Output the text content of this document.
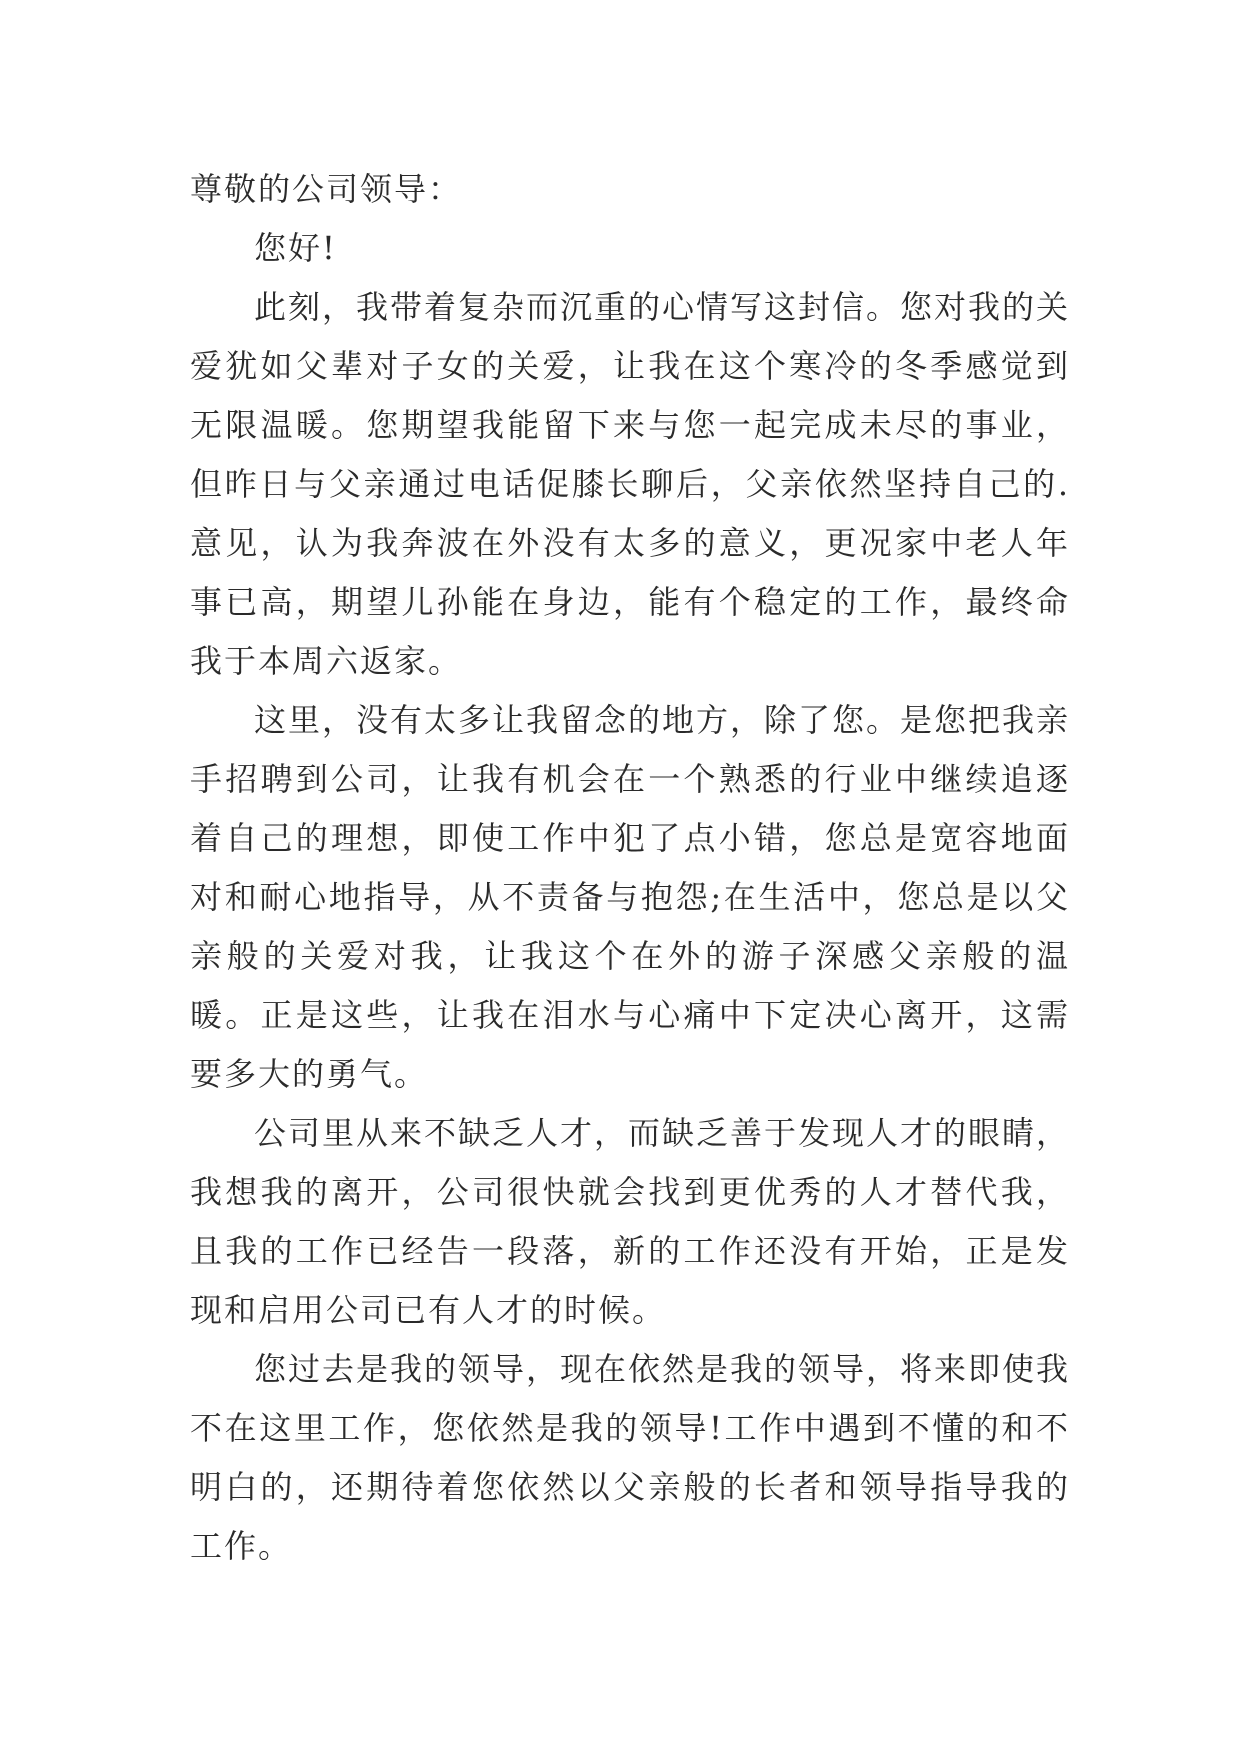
尊敬的公司领导：

您好!

此刻，我带着复杂而沉重的心情写这封信。您对我的关爱犹如父辈对子女的关爱，让我在这个寒冷的冬季感觉到无限温暖。您期望我能留下来与您一起完成未尽的事业，但昨日与父亲通过电话促膝长聊后，父亲依然坚持自己的.意见，认为我奔波在外没有太多的意义，更况家中老人年事已高，期望儿孙能在身边，能有个稳定的工作，最终命我于本周六返家。

这里，没有太多让我留念的地方，除了您。是您把我亲手招聘到公司，让我有机会在一个熟悉的行业中继续追逐着自己的理想，即使工作中犯了点小错，您总是宽容地面对和耐心地指导，从不责备与抱怨;在生活中，您总是以父亲般的关爱对我，让我这个在外的游子深感父亲般的温暖。正是这些，让我在泪水与心痛中下定决心离开，这需要多大的勇气。

公司里从来不缺乏人才，而缺乏善于发现人才的眼睛，我想我的离开，公司很快就会找到更优秀的人才替代我，且我的工作已经告一段落，新的工作还没有开始，正是发现和启用公司已有人才的时候。

您过去是我的领导，现在依然是我的领导，将来即使我不在这里工作，您依然是我的领导!工作中遇到不懂的和不明白的，还期待着您依然以父亲般的长者和领导指导我的工作。
